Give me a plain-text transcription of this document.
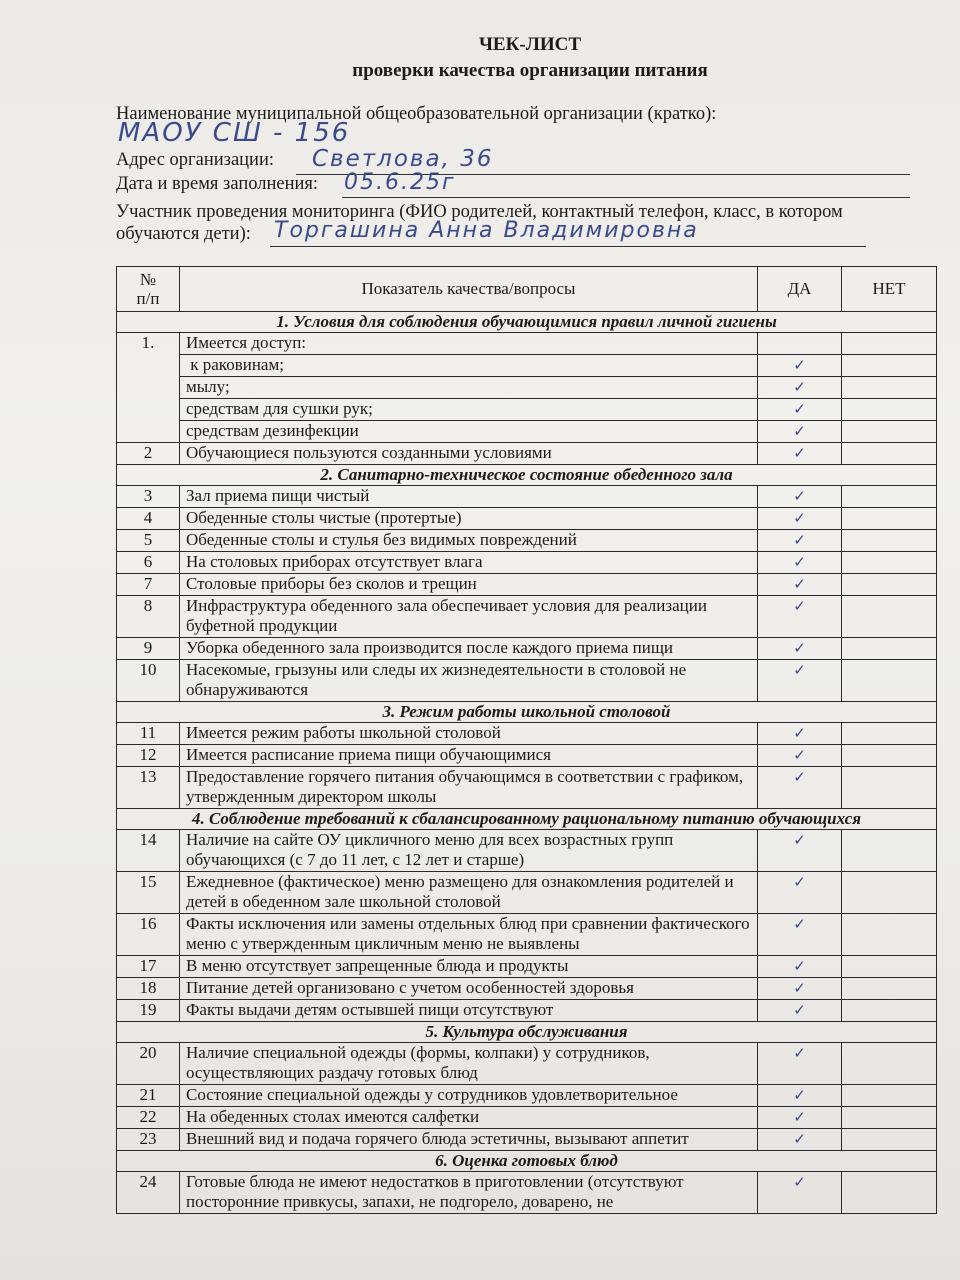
ЧЕК-ЛИСТ
проверки качества организации питания
Наименование муниципальной общеобразовательной организации (кратко):
МАОУ СШ - 156
Адрес организации: Светлова, 36
Дата и время заполнения: 05.6.25г
Участник проведения мониторинга (ФИО родителей, контактный телефон, класс, в котором
обучаются дети): Торгашина Анна Владимировна
№
п/п	Показатель качества/вопросы	ДА	НЕТ
1. Условия для соблюдения обучающимися правил личной гигиены			
1.	Имеется доступ:		
	к раковинам;	✓	
	мылу;	✓	
	средствам для сушки рук;	✓	
	средствам дезинфекции	✓	
2	Обучающиеся пользуются созданными условиями	✓	
2. Санитарно-техническое состояние обеденного зала			
3	Зал приема пищи чистый	✓	
4	Обеденные столы чистые (протертые)	✓	
5	Обеденные столы и стулья без видимых повреждений	✓	
6	На столовых приборах отсутствует влага	✓	
7	Столовые приборы без сколов и трещин	✓	
8	Инфраструктура обеденного зала обеспечивает условия для реализации буфетной продукции	✓	
9	Уборка обеденного зала производится после каждого приема пищи	✓	
10	Насекомые, грызуны или следы их жизнедеятельности в столовой не обнаруживаются	✓	
3. Режим работы школьной столовой			
11	Имеется режим работы школьной столовой	✓	
12	Имеется расписание приема пищи обучающимися	✓	
13	Предоставление горячего питания обучающимся в соответствии с графиком, утвержденным директором школы	✓	
4. Соблюдение требований к сбалансированному рациональному питанию обучающихся			
14	Наличие на сайте ОУ цикличного меню для всех возрастных групп обучающихся (с 7 до 11 лет, с 12 лет и старше)	✓	
15	Ежедневное (фактическое) меню размещено для ознакомления родителей и детей в обеденном зале школьной столовой	✓	
16	Факты исключения или замены отдельных блюд при сравнении фактического меню с утвержденным цикличным меню не выявлены	✓	
17	В меню отсутствует запрещенные блюда и продукты	✓	
18	Питание детей организовано с учетом особенностей здоровья	✓	
19	Факты выдачи детям остывшей пищи отсутствуют	✓	
5. Культура обслуживания			
20	Наличие специальной одежды (формы, колпаки) у сотрудников, осуществляющих раздачу готовых блюд	✓	
21	Состояние специальной одежды у сотрудников удовлетворительное	✓	
22	На обеденных столах имеются салфетки	✓	
23	Внешний вид и подача горячего блюда эстетичны, вызывают аппетит	✓	
6. Оценка готовых блюд			
24	Готовые блюда не имеют недостатков в приготовлении (отсутствуют посторонние привкусы, запахи, не подгорело, доварено, не	✓	
